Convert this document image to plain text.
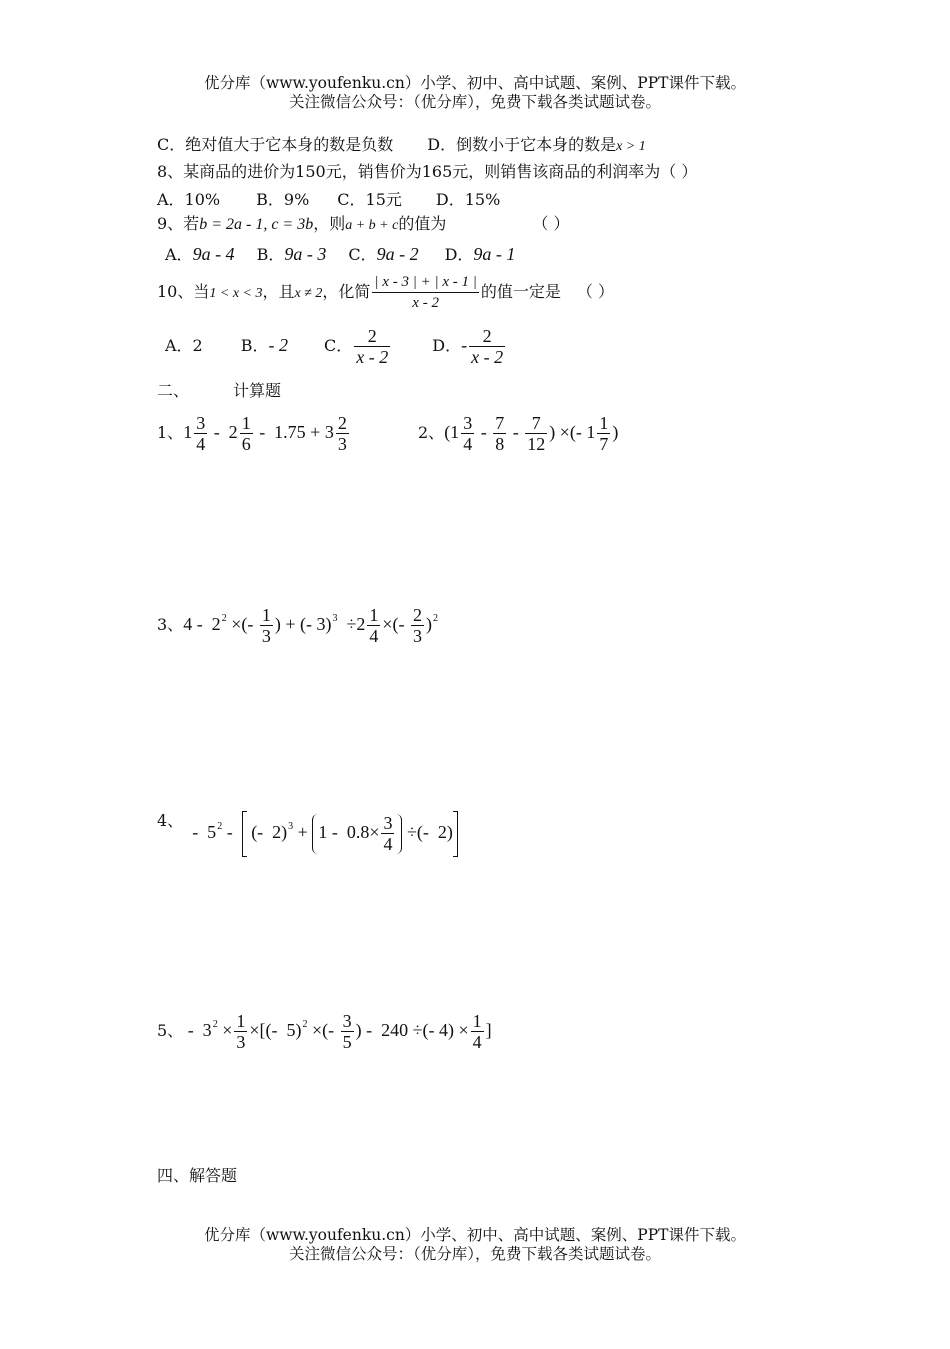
优分库（www.youfenku.cn）小学、初中、高中试题、案例、PPT课件下载。
关注微信公众号：（优分库），免费下载各类试题试卷。
C．绝对值大于它本身的数是负数 D．倒数小于它本身的数是x > 1
8、某商品的进价为150元，销售价为165元，则销售该商品的利润率为（ ）
A．10% B．9% C．15元 D．15%
9、若b = 2a - 1, c = 3b，则a + b + c的值为	（ ）
A．9a - 4 B．9a - 3 C．9a - 2 D．9a - 1
10、当1 < x < 3，且x ≠ 2，化简 $\frac{| x - 3 | + | x - 1 |}{x - 2}$ 的值一定是 （ ）
A．2 B．- 2 C． $\frac{2}{x - 2}$	D．- $\frac{2}{x - 2}$
二、	计算题
1、$1 \frac{3}{4} - 2 \frac{1}{6} - 1.75 + 3 \frac{2}{3}$	2、($1 \frac{3}{4} - \frac{7}{8} - \frac{7}{12}$ ) ×(- $1 \frac{1}{7}$ )
3、$4 - 2^2$ ×(- $\frac{1}{3}$ ) + (- $3)^3 \div 2 \frac{1}{4}$ ×(- $\frac{2}{3} )^2$
4、  -  $5^2$ -   (-  $2)^3 + 1 - 0.8\times \frac{3}{4}$ ÷(-  2)
5、 -  $3^2 \times \frac{1}{3}$ ×[(-  5)$^2$ ×(- $\frac{3}{5}$ ) -  240 ÷(- $4) \times \frac{1}{4}$ ]
四、解答题
优分库（www.youfenku.cn）小学、初中、高中试题、案例、PPT课件下载。
关注微信公众号：（优分库），免费下载各类试题试卷。
